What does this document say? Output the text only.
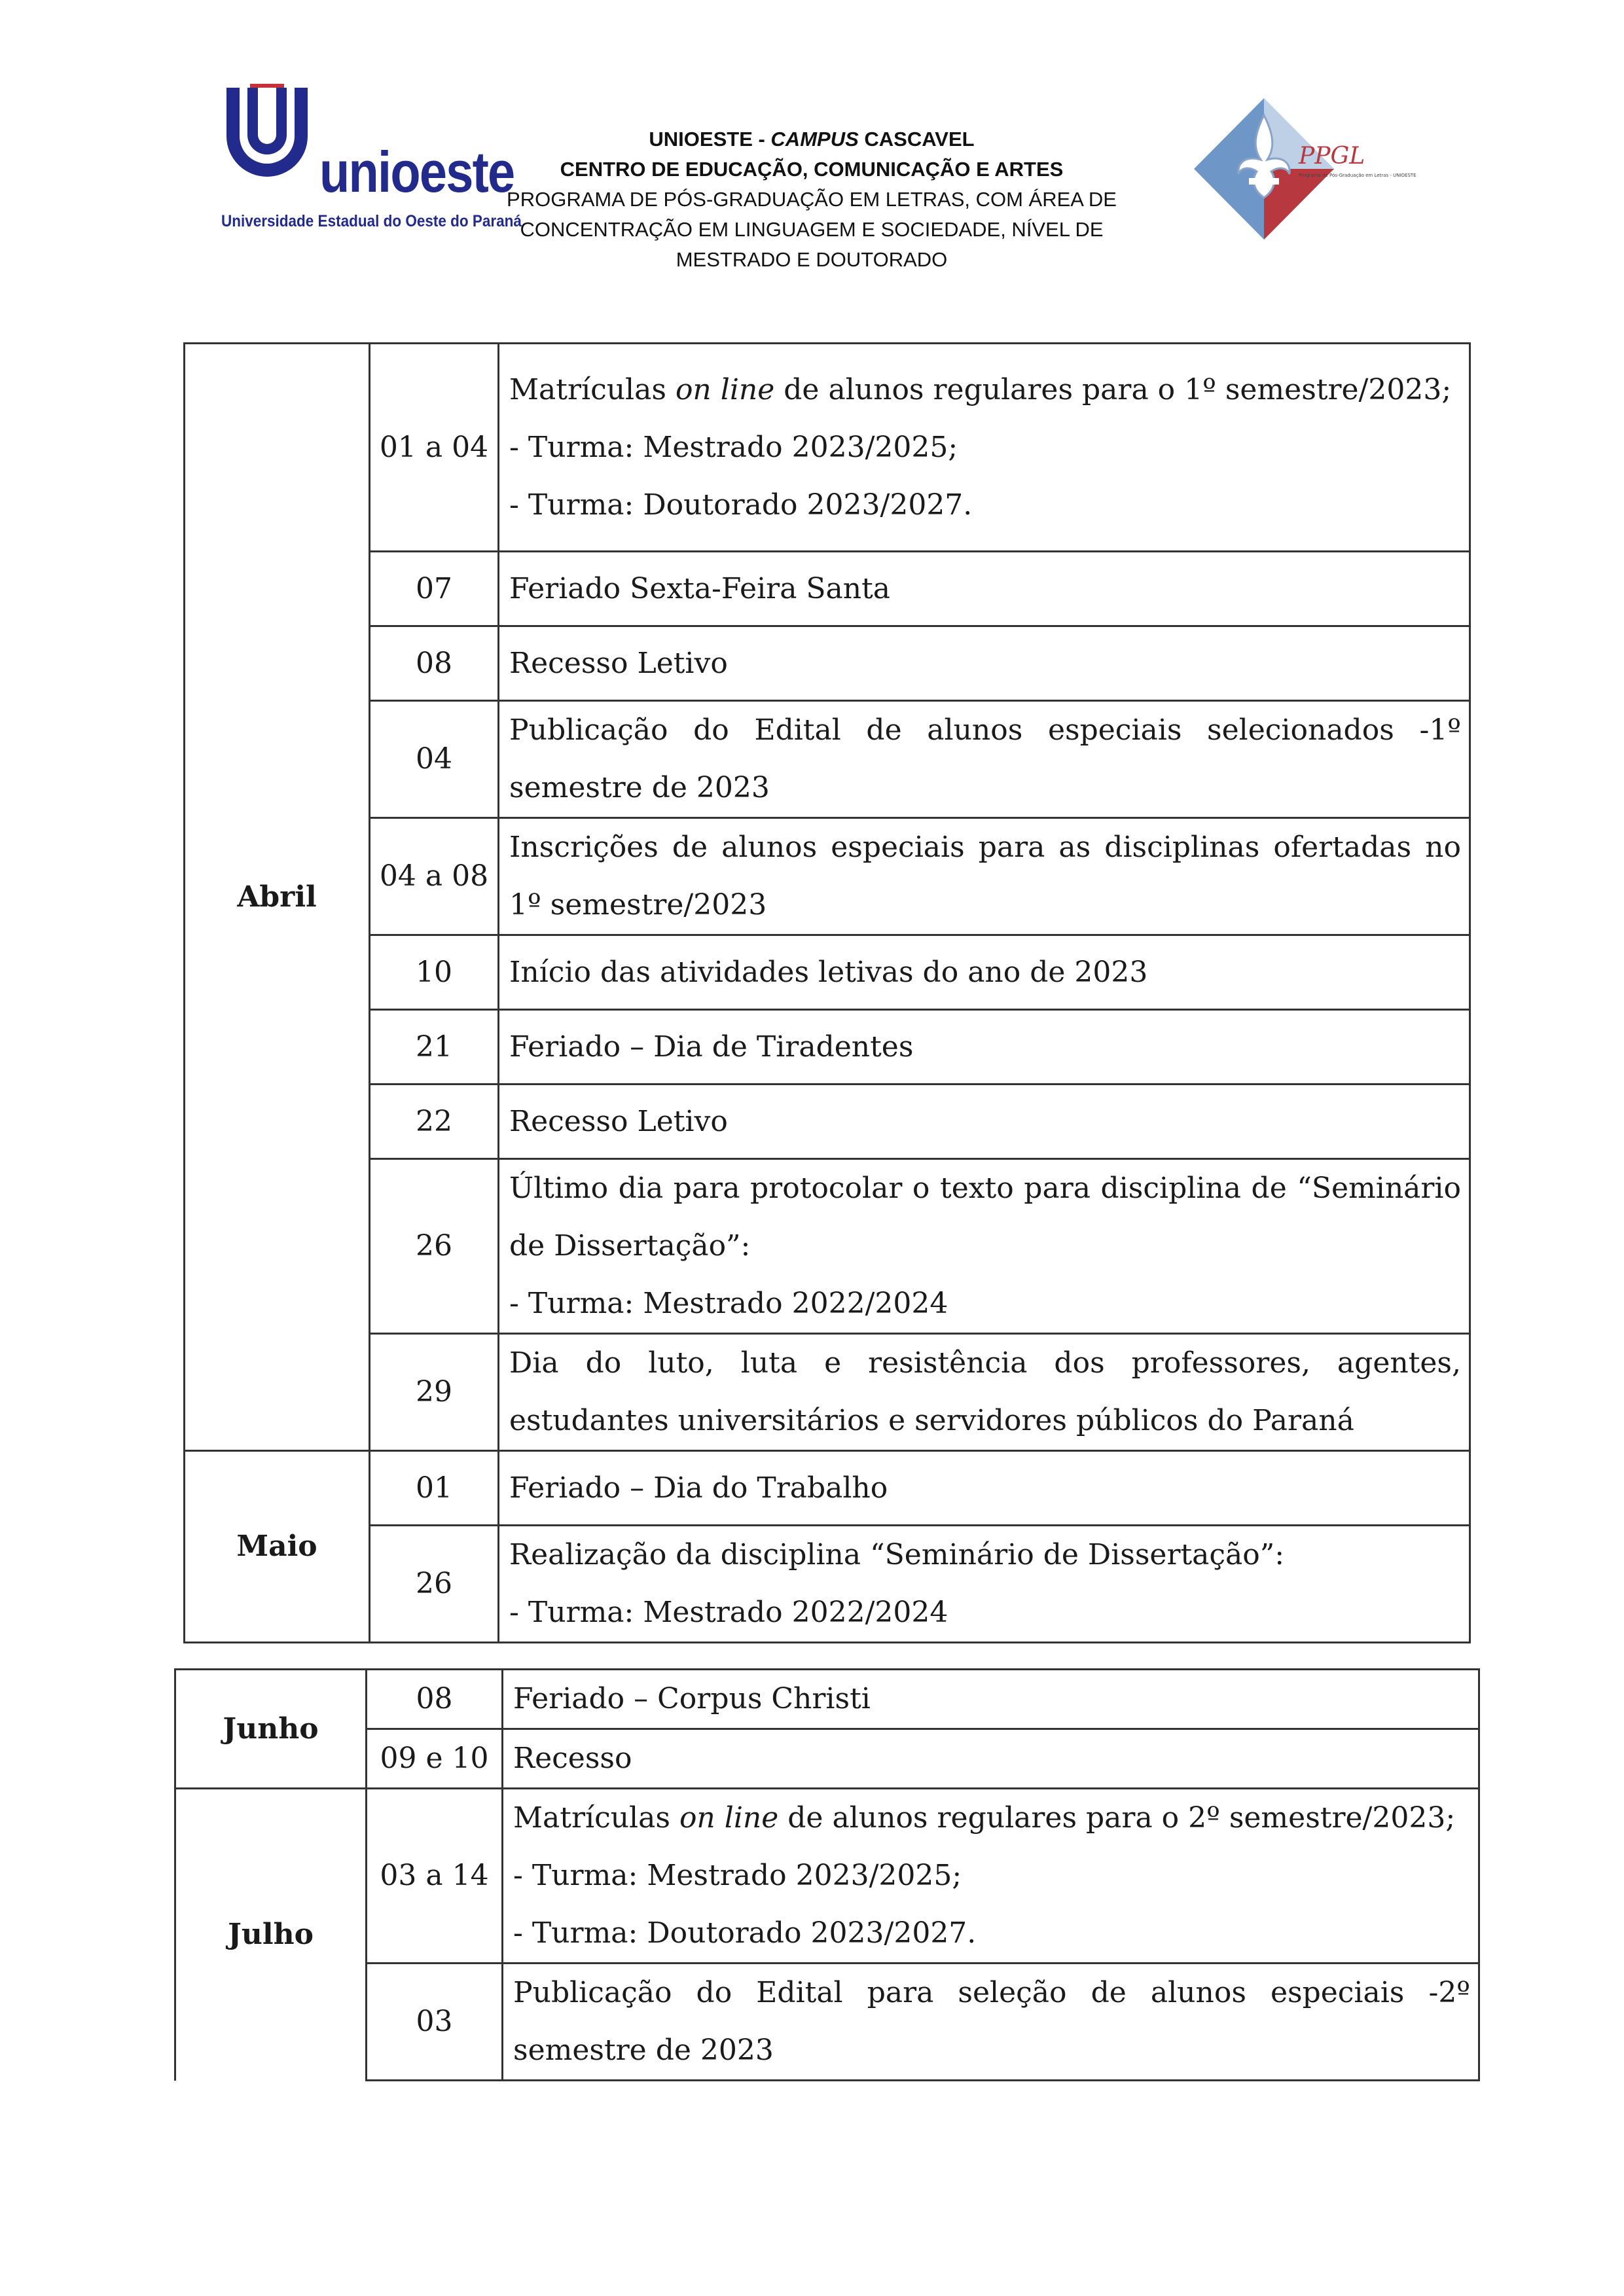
unioeste
Universidade Estadual do Oeste do Paraná
UNIOESTE - CAMPUS CASCAVEL
CENTRO DE EDUCAÇÃO, COMUNICAÇÃO E ARTES
PROGRAMA DE PÓS-GRADUAÇÃO EM LETRAS, COM ÁREA DE
CONCENTRAÇÃO EM LINGUAGEM E SOCIEDADE, NÍVEL DE
MESTRADO E DOUTORADO
PPGL
Programa de Pós-Graduação em Letras - UNIOESTE
Abril	01 a 04	Matrículas on line de alunos regulares para o 1º semestre/2023;
- Turma: Mestrado 2023/2025;
- Turma: Doutorado 2023/2027.

	07	Feriado Sexta-Feira Santa
	08	Recesso Letivo
	04	Publicação do Edital de alunos especiais selecionados -1º semestre de 2023

	04 a 08	Inscrições de alunos especiais para as disciplinas ofertadas no 1º semestre/2023

	10	Início das atividades letivas do ano de 2023
	21	Feriado – Dia de Tiradentes
	22	Recesso Letivo
	26	Último dia para protocolar o texto para disciplina de “Seminário de Dissertação”:
- Turma: Mestrado 2022/2024

	29	Dia do luto, luta e resistência dos professores, agentes, estudantes universitários e servidores públicos do Paraná

Maio	01	Feriado – Dia do Trabalho
	26	Realização da disciplina “Seminário de Dissertação”:
- Turma: Mestrado 2022/2024
Junho	08	Feriado – Corpus Christi
	09 e 10	Recesso
Julho	03 a 14	Matrículas on line de alunos regulares para o 2º semestre/2023;
- Turma: Mestrado 2023/2025;
- Turma: Doutorado 2023/2027.

	03	Publicação do Edital para seleção de alunos especiais -2º semestre de 2023
